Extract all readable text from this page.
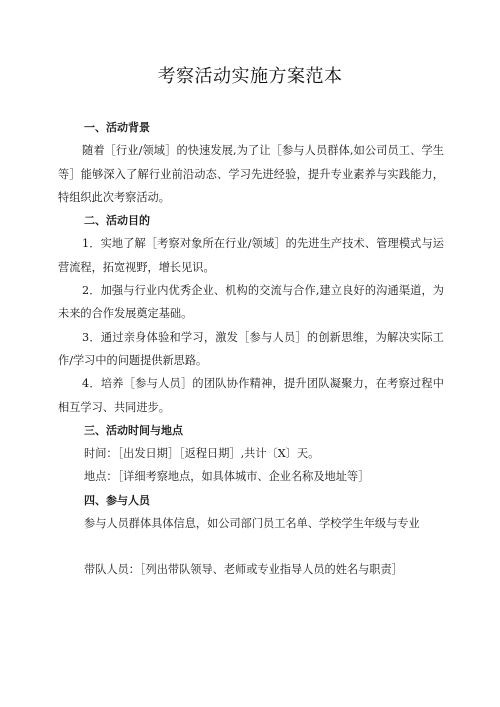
考察活动实施方案范本

一、活动背景

随着［行业/领域］的快速发展,为了让［参与人员群体,如公司员工、学生等］能够深入了解行业前沿动态、学习先进经验，提升专业素养与实践能力，特组织此次考察活动。

二、活动目的

1．实地了解［考察对象所在行业/领域］的先进生产技术、管理模式与运营流程，拓宽视野，增长见识。

2．加强与行业内优秀企业、机构的交流与合作,建立良好的沟通渠道，为未来的合作发展奠定基础。

3．通过亲身体验和学习，激发［参与人员］的创新思维，为解决实际工作/学习中的问题提供新思路。

4．培养［参与人员］的团队协作精神，提升团队凝聚力，在考察过程中相互学习、共同进步。

三、活动时间与地点

时间：［出发日期］［返程日期］,共计〔X〕天。

地点：［详细考察地点，如具体城市、企业名称及地址等］

四、参与人员

参与人员群体具体信息，如公司部门员工名单、学校学生年级与专业

带队人员：［列出带队领导、老师或专业指导人员的姓名与职责］
